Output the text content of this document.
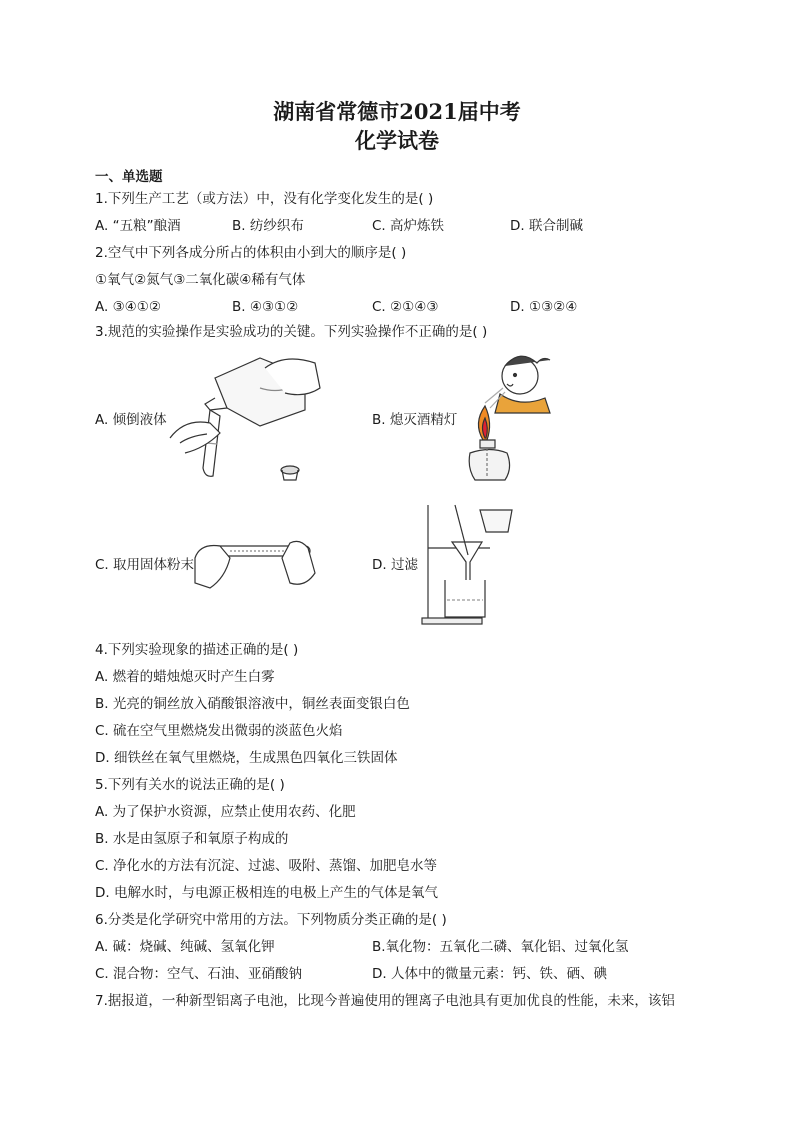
湖南省常德市2021届中考
化学试卷
一、单选题
1.下列生产工艺（或方法）中，没有化学变化发生的是( )
A. “五粮”酿酒	B. 纺纱织布	C. 高炉炼铁	D. 联合制碱
2.空气中下列各成分所占的体积由小到大的顺序是( )
①氧气②氮气③二氧化碳④稀有气体
A. ③④①②	B. ④③①②	C. ②①④③	D. ①③②④
3.规范的实验操作是实验成功的关键。下列实验操作不正确的是( )
A. 倾倒液体	B. 熄灭酒精灯
C. 取用固体粉末	D. 过滤
4.下列实验现象的描述正确的是( )
A. 燃着的蜡烛熄灭时产生白雾
B. 光亮的铜丝放入硝酸银溶液中，铜丝表面变银白色
C. 硫在空气里燃烧发出微弱的淡蓝色火焰
D. 细铁丝在氧气里燃烧，生成黑色四氧化三铁固体
5.下列有关水的说法正确的是( )
A. 为了保护水资源，应禁止使用农药、化肥
B. 水是由氢原子和氧原子构成的
C. 净化水的方法有沉淀、过滤、吸附、蒸馏、加肥皂水等
D. 电解水时，与电源正极相连的电极上产生的气体是氧气
6.分类是化学研究中常用的方法。下列物质分类正确的是( )
A. 碱：烧碱、纯碱、氢氧化钾	B.氧化物：五氧化二磷、氧化铝、过氧化氢
C. 混合物：空气、石油、亚硝酸钠	D. 人体中的微量元素：钙、铁、硒、碘
7.据报道，一种新型铝离子电池，比现今普遍使用的锂离子电池具有更加优良的性能，未来，该铝
